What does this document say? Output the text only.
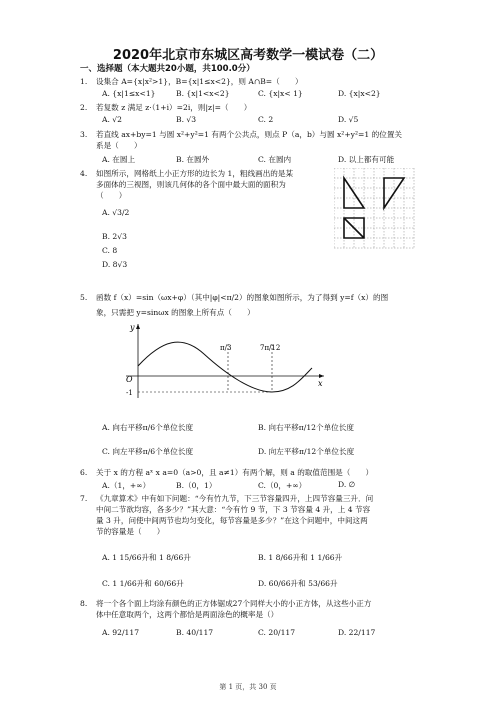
2020年北京市东城区高考数学一模试卷（二）
一、选择题（本大题共20小题，共100.0分）
1. 设集合 A={x|x²>1}，B={x|1≤x<2}，则 A∩B=（　　）
A. {x|1≤x<1}	B. {x|1<x<2}	C. {x|x< 1}	D. {x|x<2}
2. 若复数 z 满足 z·（1+i）=2i，则|z|=（　　）
A. √2	B. √3	C. 2	D. √5
3. 若直线 ax+by=1 与圆 x²+y²=1 有两个公共点，则点 P（a，b）与圆 x²+y²=1 的位置关
系是（　　）
A. 在圆上	B. 在圆外	C. 在圆内	D. 以上都有可能
4. 如图所示，网格纸上小正方形的边长为 1，粗线画出的是某
多面体的三视图，则该几何体的各个面中最大面的面积为
（　　）
A. √3/2
B. 2√3
C. 8
D. 8√3
5. 函数 f（x）=sin（ωx+φ）（其中|φ|<π/2）的图象如图所示，为了得到 y=f（x）的图
象，只需把 y=sinωx 的图象上所有点（　　）
y
x
O
π/3	7π/12
-1
A. 向右平移π/6个单位长度	B. 向右平移π/12个单位长度
C. 向左平移π/6个单位长度	D. 向左平移π/12个单位长度
6. 关于 x 的方程 aˣ x a=0（a>0，且 a≠1）有两个解，则 a 的取值范围是（　　）
A.（1，+∞）	B.（0，1）	C.（0，+∞）	D. ∅
7. 《九章算术》中有如下问题：“今有竹九节，下三节容量四升，上四节容量三升．问
中间二节欲均容，各多少？”其大意：“今有竹 9 节，下 3 节容量 4 升，上 4 节容
量 3 升，问使中间两节也均匀变化，每节容量是多少？”在这个问题中，中间这两
节的容量是（　　）
A. 1 15/66升和 1 8/66升	B. 1 8/66升和 1 1/66升
C. 1 1/66升和 60/66升	D. 60/66升和 53/66升
8. 将一个各个面上均涂有颜色的正方体锯成27个同样大小的小正方体，从这些小正方
体中任意取两个，这两个都恰是两面涂色的概率是（）
A. 92/117	B. 40/117	C. 20/117	D. 22/117
第 1 页，共 30 页
